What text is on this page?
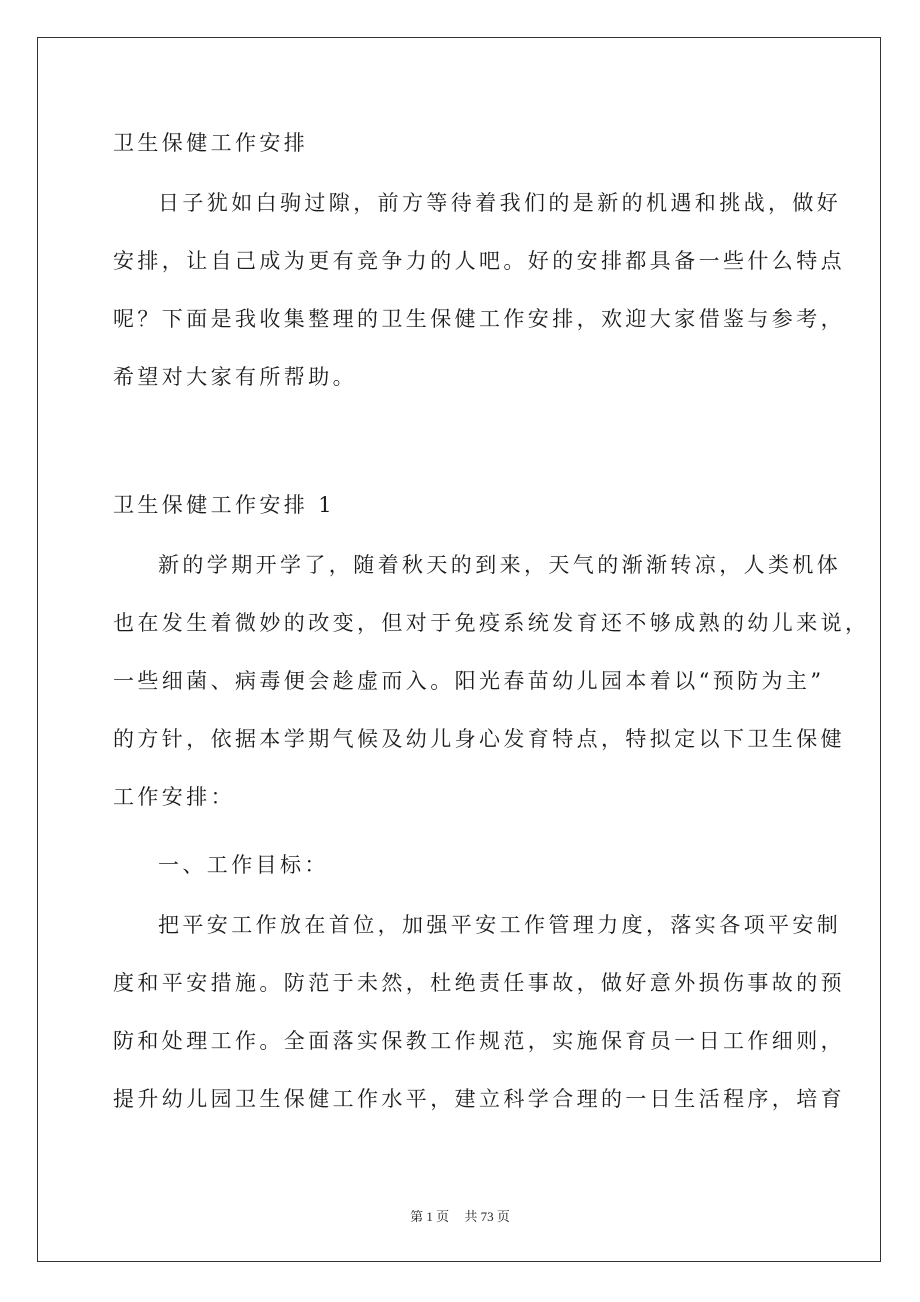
卫生保健工作安排
日子犹如白驹过隙，前方等待着我们的是新的机遇和挑战，做好
安排，让自己成为更有竞争力的人吧。好的安排都具备一些什么特点
呢？下面是我收集整理的卫生保健工作安排，欢迎大家借鉴与参考，
希望对大家有所帮助。
卫生保健工作安排 1
新的学期开学了，随着秋天的到来，天气的渐渐转凉，人类机体
也在发生着微妙的改变，但对于免疫系统发育还不够成熟的幼儿来说，
一些细菌、病毒便会趁虚而入。阳光春苗幼儿园本着以“预防为主”
的方针，依据本学期气候及幼儿身心发育特点，特拟定以下卫生保健
工作安排：
一、工作目标：
把平安工作放在首位，加强平安工作管理力度，落实各项平安制
度和平安措施。防范于未然，杜绝责任事故，做好意外损伤事故的预
防和处理工作。全面落实保教工作规范，实施保育员一日工作细则，
提升幼儿园卫生保健工作水平，建立科学合理的一日生活程序，培育
第 1 页 共 73 页
